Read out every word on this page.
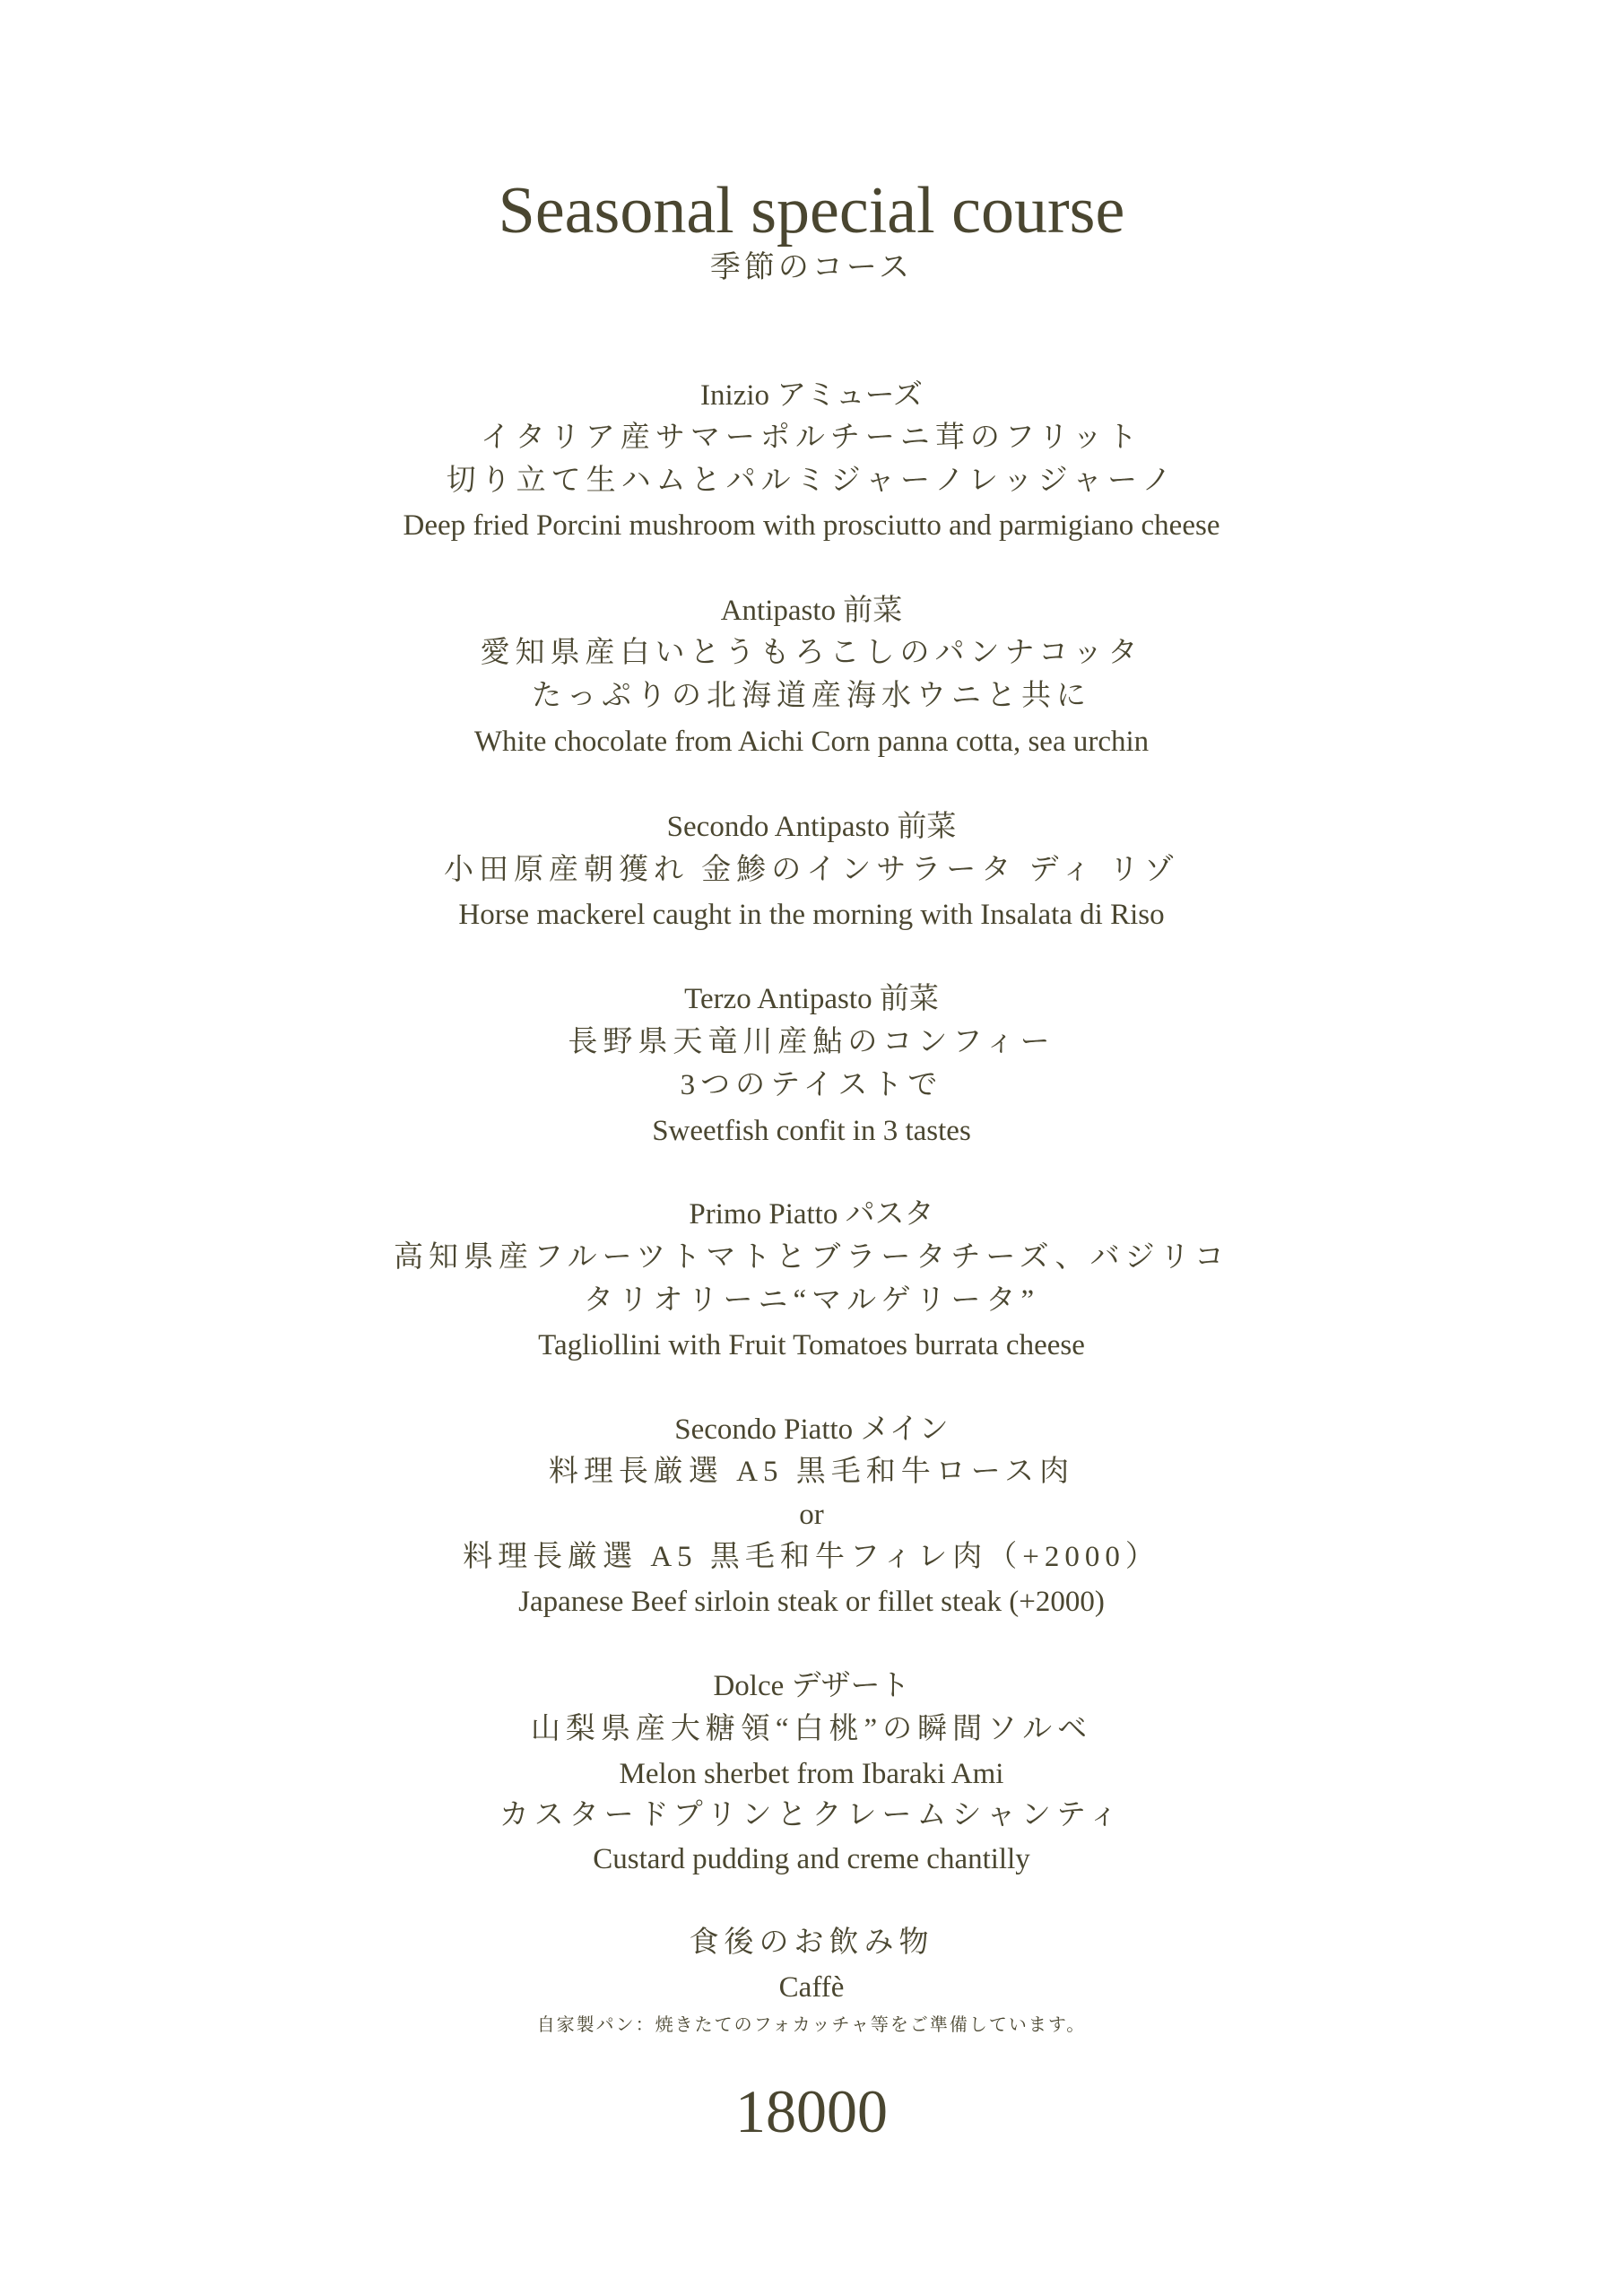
Seasonal special course
季節のコース
Inizio アミューズ
イタリア産サマーポルチーニ茸のフリット
切り立て生ハムとパルミジャーノレッジャーノ
Deep fried Porcini mushroom with prosciutto and parmigiano cheese
Antipasto 前菜
愛知県産白いとうもろこしのパンナコッタ
たっぷりの北海道産海水ウニと共に
White chocolate from Aichi Corn panna cotta, sea urchin
Secondo Antipasto 前菜
小田原産朝獲れ 金鯵のインサラータ ディ リゾ
Horse mackerel caught in the morning with Insalata di Riso
Terzo Antipasto 前菜
長野県天竜川産鮎のコンフィー
3つのテイストで
Sweetfish confit in 3 tastes
Primo Piatto パスタ
高知県産フルーツトマトとブラータチーズ、バジリコ
タリオリーニ“マルゲリータ”
Tagliollini with Fruit Tomatoes burrata cheese
Secondo Piatto メイン
料理長厳選 A5 黒毛和牛ロース肉
or
料理長厳選 A5 黒毛和牛フィレ肉（+2000）
Japanese Beef sirloin steak or fillet steak (+2000)
Dolce デザート
山梨県産大糖領“白桃”の瞬間ソルベ
Melon sherbet from Ibaraki Ami
カスタードプリンとクレームシャンティ
Custard pudding and creme chantilly
食後のお飲み物
Caffè
自家製パン：焼きたてのフォカッチャ等をご準備しています。
18000
